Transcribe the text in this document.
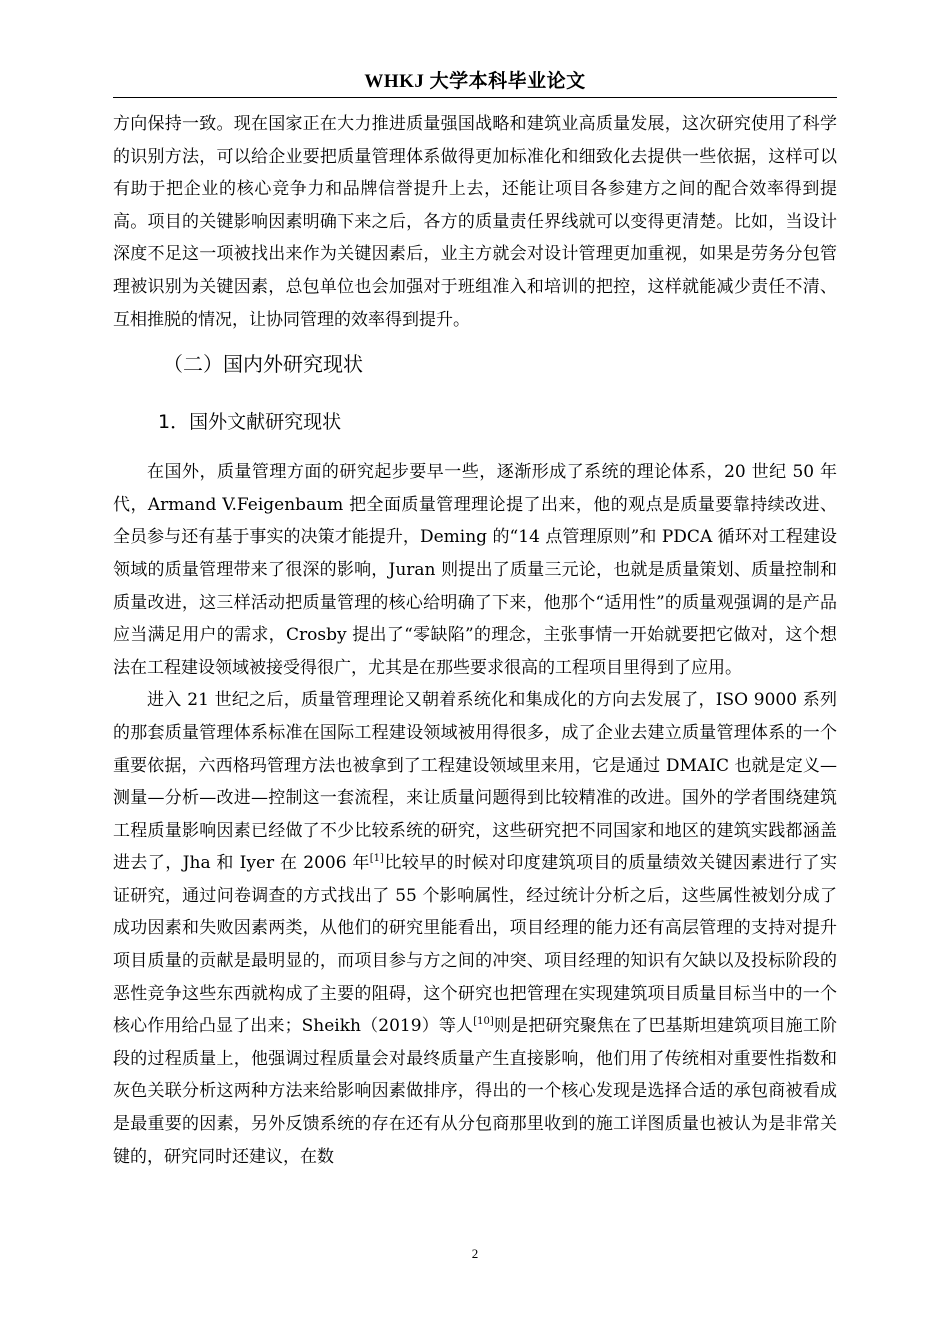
WHKJ 大学本科毕业论文

方向保持一致。现在国家正在大力推进质量强国战略和建筑业高质量发展，这次研究使用了科学的识别方法，可以给企业要把质量管理体系做得更加标准化和细致化去提供一些依据，这样可以有助于把企业的核心竞争力和品牌信誉提升上去，还能让项目各参建方之间的配合效率得到提高。项目的关键影响因素明确下来之后，各方的质量责任界线就可以变得更清楚。比如，当设计深度不足这一项被找出来作为关键因素后，业主方就会对设计管理更加重视，如果是劳务分包管理被识别为关键因素，总包单位也会加强对于班组准入和培训的把控，这样就能减少责任不清、互相推脱的情况，让协同管理的效率得到提升。

（二）国内外研究现状
1．国外文献研究现状

在国外，质量管理方面的研究起步要早一些，逐渐形成了系统的理论体系，20 世纪 50 年代，Armand V.Feigenbaum 把全面质量管理理论提了出来，他的观点是质量要靠持续改进、全员参与还有基于事实的决策才能提升，Deming 的“14 点管理原则”和 PDCA 循环对工程建设领域的质量管理带来了很深的影响，Juran 则提出了质量三元论，也就是质量策划、质量控制和质量改进，这三样活动把质量管理的核心给明确了下来，他那个“适用性”的质量观强调的是产品应当满足用户的需求，Crosby 提出了“零缺陷”的理念，主张事情一开始就要把它做对，这个想法在工程建设领域被接受得很广，尤其是在那些要求很高的工程项目里得到了应用。

进入 21 世纪之后，质量管理理论又朝着系统化和集成化的方向去发展了，ISO 9000 系列的那套质量管理体系标准在国际工程建设领域被用得很多，成了企业去建立质量管理体系的一个重要依据，六西格玛管理方法也被拿到了工程建设领域里来用，它是通过 DMAIC 也就是定义—测量—分析—改进—控制这一套流程，来让质量问题得到比较精准的改进。国外的学者围绕建筑工程质量影响因素已经做了不少比较系统的研究，这些研究把不同国家和地区的建筑实践都涵盖进去了，Jha 和 Iyer 在 2006 年[1]比较早的时候对印度建筑项目的质量绩效关键因素进行了实证研究，通过问卷调查的方式找出了 55 个影响属性，经过统计分析之后，这些属性被划分成了成功因素和失败因素两类，从他们的研究里能看出，项目经理的能力还有高层管理的支持对提升项目质量的贡献是最明显的，而项目参与方之间的冲突、项目经理的知识有欠缺以及投标阶段的恶性竞争这些东西就构成了主要的阻碍，这个研究也把管理在实现建筑项目质量目标当中的一个核心作用给凸显了出来；Sheikh（2019）等人[10]则是把研究聚焦在了巴基斯坦建筑项目施工阶段的过程质量上，他强调过程质量会对最终质量产生直接影响，他们用了传统相对重要性指数和灰色关联分析这两种方法来给影响因素做排序，得出的一个核心发现是选择合适的承包商被看成是最重要的因素，另外反馈系统的存在还有从分包商那里收到的施工详图质量也被认为是非常关键的，研究同时还建议，在数

2
